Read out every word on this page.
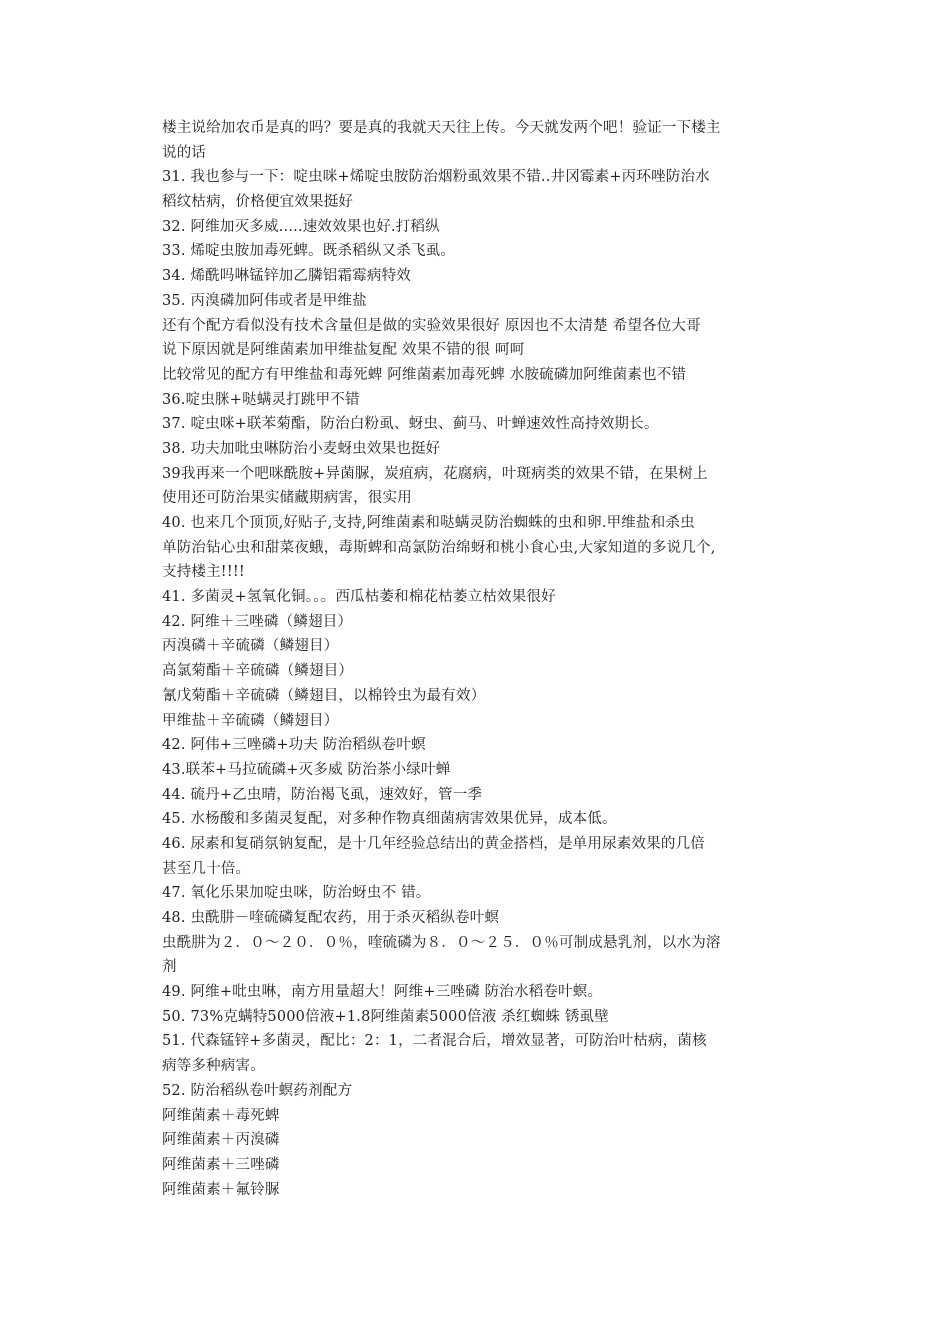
楼主说给加农币是真的吗？要是真的我就天天往上传。今天就发两个吧！验证一下楼主
说的话
31. 我也参与一下：啶虫咪+烯啶虫胺防治烟粉虱效果不错..井冈霉素+丙环唑防治水
稻纹枯病，价格便宜效果挺好
32. 阿维加灭多威.....速效效果也好.打稻纵
33. 烯啶虫胺加毒死蜱。既杀稻纵又杀飞虱。
34. 烯酰吗啉锰锌加乙膦铝霜霉病特效
35. 丙溴磷加阿伟或者是甲维盐
还有个配方看似没有技术含量但是做的实验效果很好 原因也不太清楚 希望各位大哥
说下原因就是阿维菌素加甲维盐复配 效果不错的很 呵呵
比较常见的配方有甲维盐和毒死蜱 阿维菌素加毒死蜱 水胺硫磷加阿维菌素也不错
36.啶虫脒+哒螨灵打跳甲不错
37. 啶虫咪+联苯菊酯，防治白粉虱、蚜虫、蓟马、叶蝉速效性高持效期长。
38. 功夫加吡虫啉防治小麦蚜虫效果也挺好
39我再来一个吧咪酰胺+异菌脲，炭疽病，花腐病，叶斑病类的效果不错，在果树上
使用还可防治果实储藏期病害，很实用
40. 也来几个顶顶,好贴子,支持,阿维菌素和哒螨灵防治蜘蛛的虫和卵.甲维盐和杀虫
单防治钻心虫和甜菜夜蛾，毒斯蜱和高氯防治绵蚜和桃小食心虫,大家知道的多说几个,
支持楼主!!!!
41. 多菌灵+氢氧化铜。。。西瓜枯萎和棉花枯萎立枯效果很好
42. 阿维＋三唑磷（鳞翅目）
丙溴磷＋辛硫磷（鳞翅目）
高氯菊酯＋辛硫磷（鳞翅目）
氰戊菊酯＋辛硫磷（鳞翅目，以棉铃虫为最有效）
甲维盐＋辛硫磷（鳞翅目）
42. 阿伟+三唑磷+功夫 防治稻纵卷叶螟
43.联苯+马拉硫磷+灭多威 防治茶小绿叶蝉
44. 硫丹+乙虫晴，防治褐飞虱，速效好，管一季
45. 水杨酸和多菌灵复配，对多种作物真细菌病害效果优异，成本低。
46. 尿素和复硝氛钠复配，是十几年经验总结出的黄金搭档，是单用尿素效果的几倍
甚至几十倍。
47. 氧化乐果加啶虫咪，防治蚜虫不 错。
48. 虫酰肼－喹硫磷复配农药，用于杀灭稻纵卷叶螟
虫酰肼为２．０～２０．０％，喹硫磷为８．０～２５．０％可制成悬乳剂，以水为溶
剂
49. 阿维+吡虫啉，南方用量超大！阿维+三唑磷 防治水稻卷叶螟。
50. 73%克螨特5000倍液+1.8阿维菌素5000倍液 杀红蜘蛛 锈虱壁
51. 代森锰锌+多菌灵，配比：2：1，二者混合后，增效显著，可防治叶枯病，菌核
病等多种病害。
52. 防治稻纵卷叶螟药剂配方
阿维菌素＋毒死蜱
阿维菌素＋丙溴磷
阿维菌素＋三唑磷
阿维菌素＋氟铃脲
